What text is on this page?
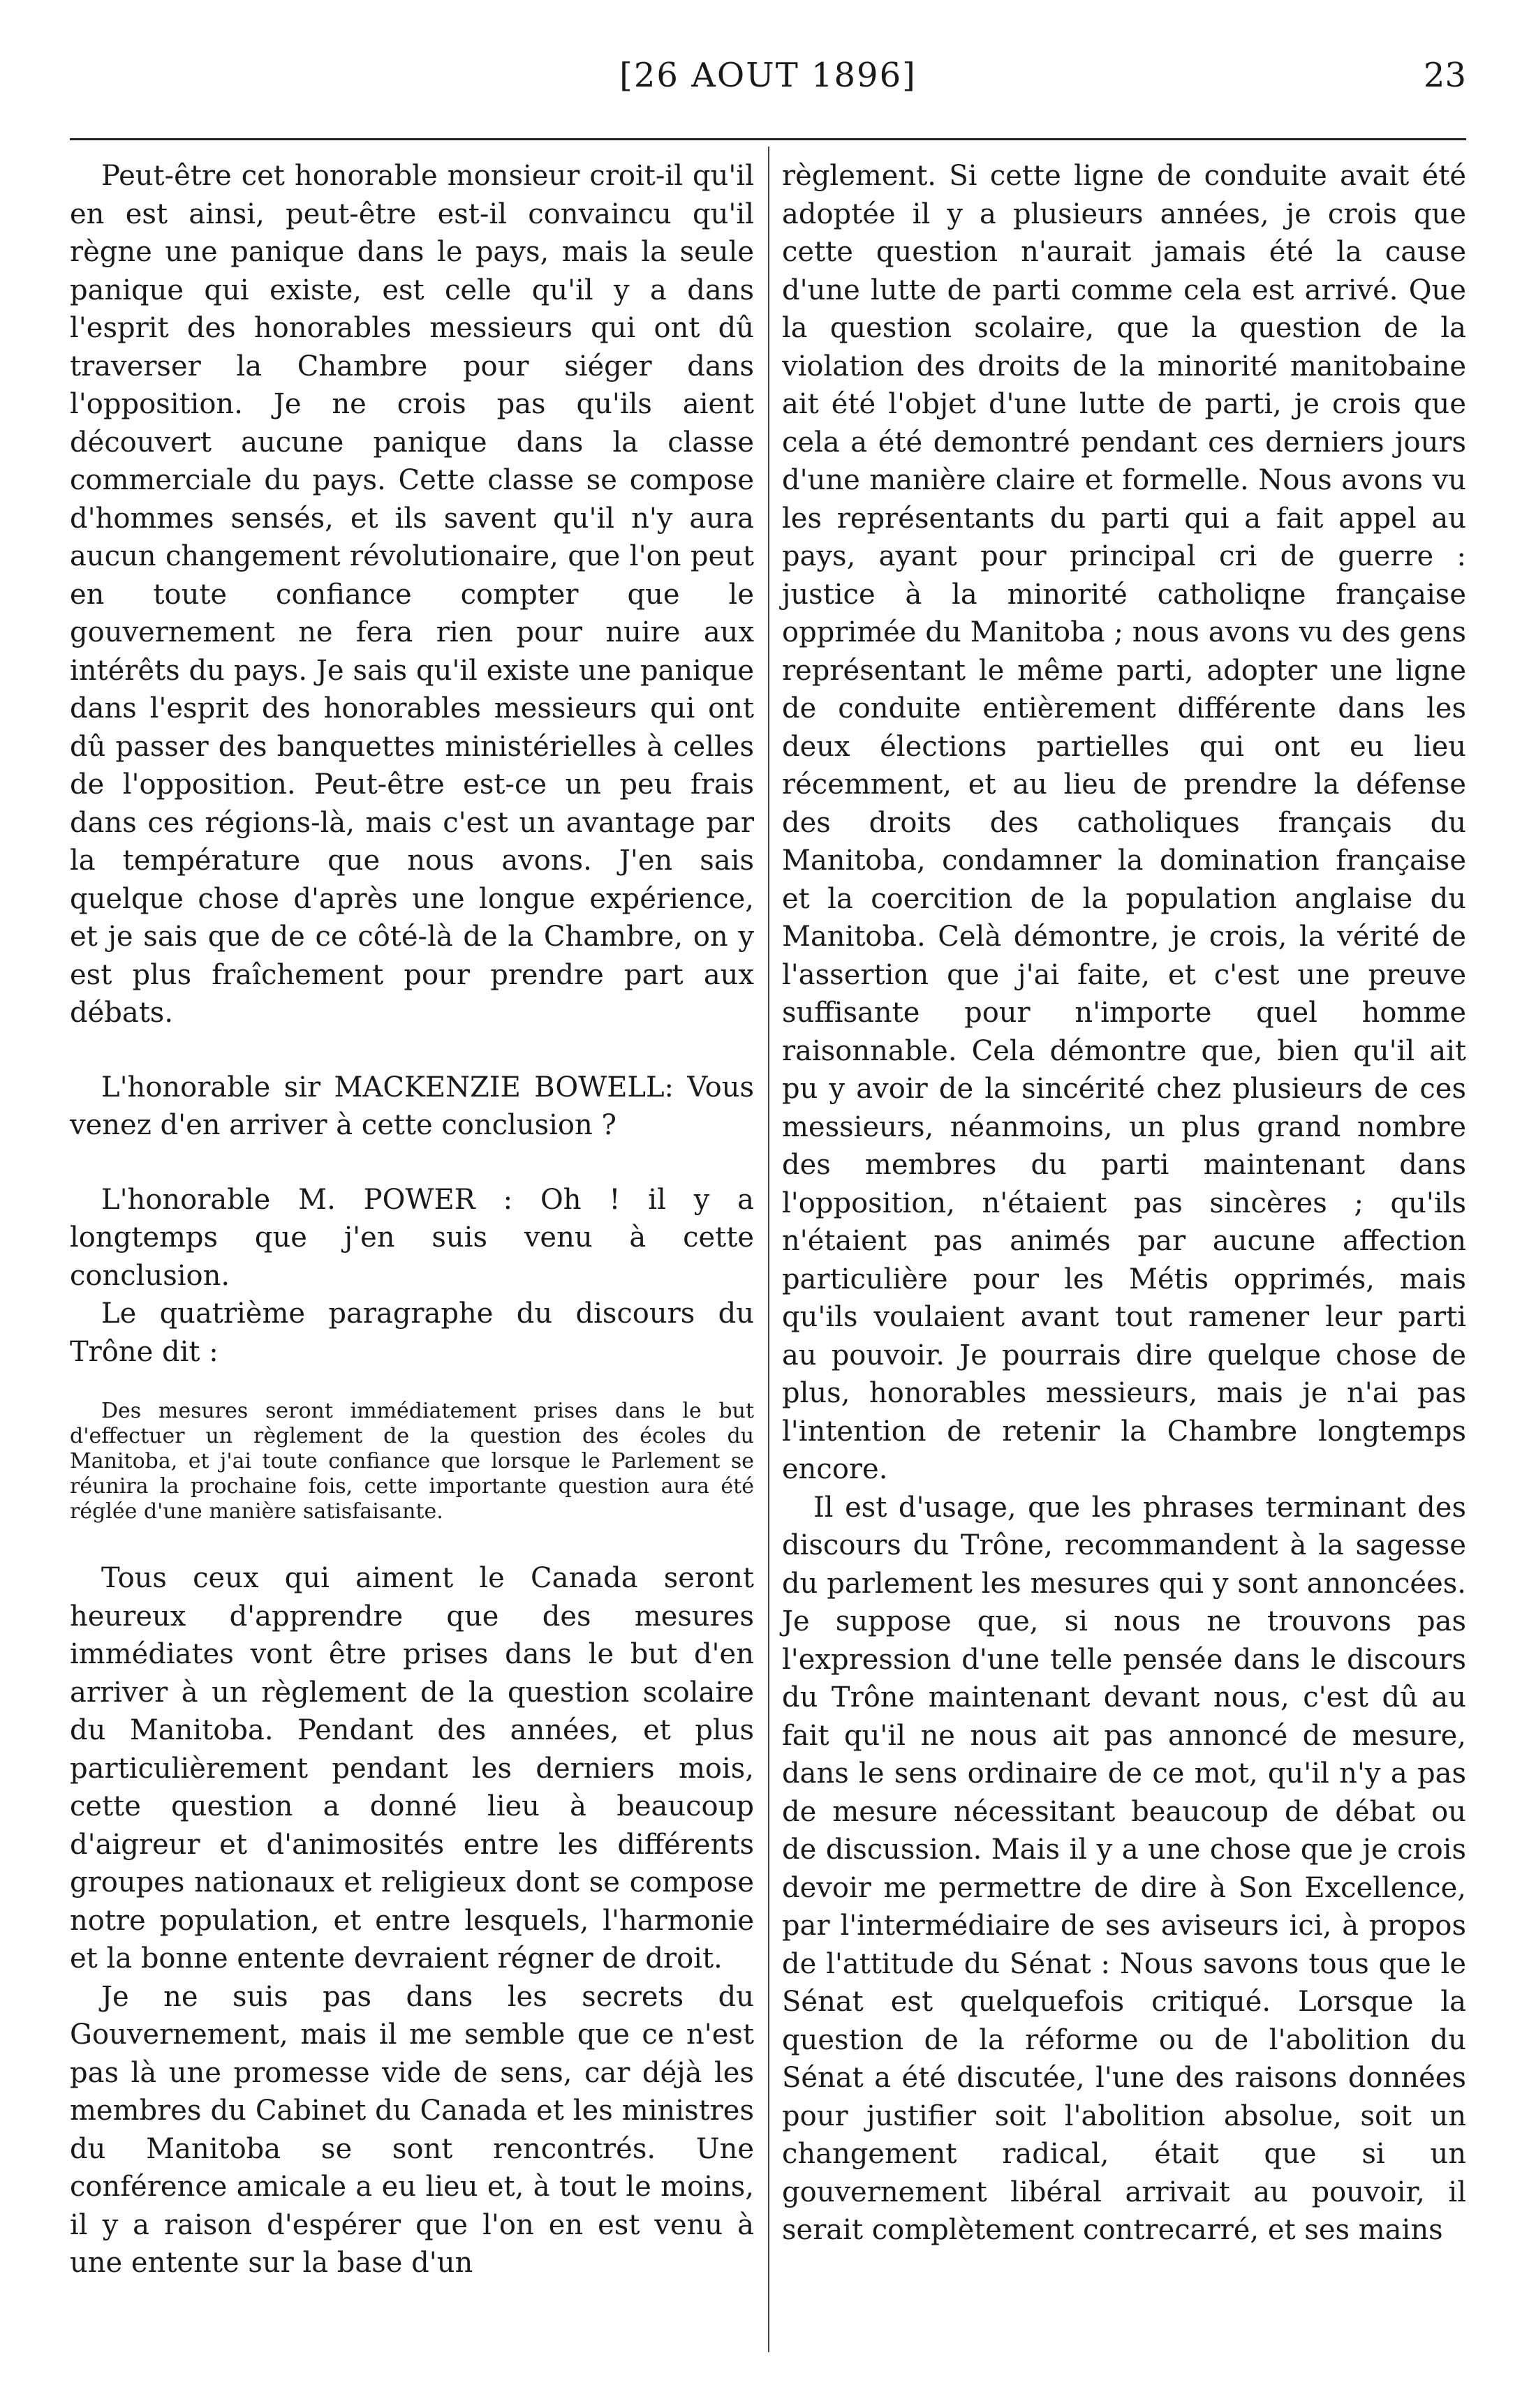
[26 AOUT 1896]	23

Peut-être cet honorable monsieur croit-il qu'il en est ainsi, peut-être est-il convaincu qu'il règne une panique dans le pays, mais la seule panique qui existe, est celle qu'il y a dans l'esprit des honorables messieurs qui ont dû traverser la Chambre pour siéger dans l'opposition. Je ne crois pas qu'ils aient découvert aucune panique dans la classe commerciale du pays. Cette classe se compose d'hommes sensés, et ils savent qu'il n'y aura aucun changement révolutionaire, que l'on peut en toute confiance compter que le gouvernement ne fera rien pour nuire aux intérêts du pays. Je sais qu'il existe une panique dans l'esprit des honorables messieurs qui ont dû passer des banquettes ministérielles à celles de l'opposition. Peut-être est-ce un peu frais dans ces régions-là, mais c'est un avantage par la température que nous avons. J'en sais quelque chose d'après une longue expérience, et je sais que de ce côté-là de la Chambre, on y est plus fraîchement pour prendre part aux débats.

L'honorable sir MACKENZIE BOWELL: Vous venez d'en arriver à cette conclusion ?

L'honorable M. POWER : Oh ! il y a longtemps que j'en suis venu à cette conclusion.

Le quatrième paragraphe du discours du Trône dit :

Des mesures seront immédiatement prises dans le but d'effectuer un règlement de la question des écoles du Manitoba, et j'ai toute confiance que lorsque le Parlement se réunira la prochaine fois, cette importante question aura été réglée d'une manière satisfaisante.

Tous ceux qui aiment le Canada seront heureux d'apprendre que des mesures immédiates vont être prises dans le but d'en arriver à un règlement de la question scolaire du Manitoba. Pendant des années, et plus particulièrement pendant les derniers mois, cette question a donné lieu à beaucoup d'aigreur et d'animosités entre les différents groupes nationaux et religieux dont se compose notre population, et entre lesquels, l'harmonie et la bonne entente devraient régner de droit.

Je ne suis pas dans les secrets du Gouvernement, mais il me semble que ce n'est pas là une promesse vide de sens, car déjà les membres du Cabinet du Canada et les ministres du Manitoba se sont rencontrés. Une conférence amicale a eu lieu et, à tout le moins, il y a raison d'espérer que l'on en est venu à une entente sur la base d'un

règlement. Si cette ligne de conduite avait été adoptée il y a plusieurs années, je crois que cette question n'aurait jamais été la cause d'une lutte de parti comme cela est arrivé. Que la question scolaire, que la question de la violation des droits de la minorité manitobaine ait été l'objet d'une lutte de parti, je crois que cela a été demontré pendant ces derniers jours d'une manière claire et formelle. Nous avons vu les représentants du parti qui a fait appel au pays, ayant pour principal cri de guerre : justice à la minorité catholiqne française opprimée du Manitoba ; nous avons vu des gens représentant le même parti, adopter une ligne de conduite entièrement différente dans les deux élections partielles qui ont eu lieu récemment, et au lieu de prendre la défense des droits des catholiques français du Manitoba, condamner la domination française et la coercition de la population anglaise du Manitoba. Celà démontre, je crois, la vérité de l'assertion que j'ai faite, et c'est une preuve suffisante pour n'importe quel homme raisonnable. Cela démontre que, bien qu'il ait pu y avoir de la sincérité chez plusieurs de ces messieurs, néanmoins, un plus grand nombre des membres du parti maintenant dans l'opposition, n'étaient pas sincères ; qu'ils n'étaient pas animés par aucune affection particulière pour les Métis opprimés, mais qu'ils voulaient avant tout ramener leur parti au pouvoir. Je pourrais dire quelque chose de plus, honorables messieurs, mais je n'ai pas l'intention de retenir la Chambre longtemps encore.

Il est d'usage, que les phrases terminant des discours du Trône, recommandent à la sagesse du parlement les mesures qui y sont annoncées. Je suppose que, si nous ne trouvons pas l'expression d'une telle pensée dans le discours du Trône maintenant devant nous, c'est dû au fait qu'il ne nous ait pas annoncé de mesure, dans le sens ordinaire de ce mot, qu'il n'y a pas de mesure nécessitant beaucoup de débat ou de discussion. Mais il y a une chose que je crois devoir me permettre de dire à Son Excellence, par l'intermédiaire de ses aviseurs ici, à propos de l'attitude du Sénat : Nous savons tous que le Sénat est quelquefois critiqué. Lorsque la question de la réforme ou de l'abolition du Sénat a été discutée, l'une des raisons données pour justifier soit l'abolition absolue, soit un changement radical, était que si un gouvernement libéral arrivait au pouvoir, il serait complètement contrecarré, et ses mains
